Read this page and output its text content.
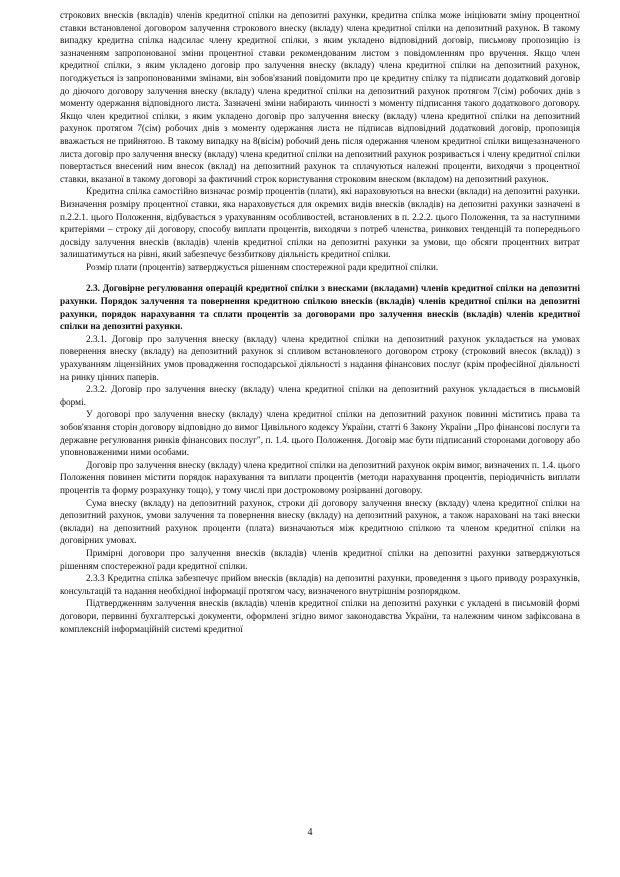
строкових внесків (вкладів) членів кредитної спілки на депозитні рахунки, кредитна спілка може ініціювати зміну процентної ставки встановленої договором залучення строкового внеску (вкладу) члена кредитної спілки на депозитний рахунок. В такому випадку кредитна спілка надсилає члену кредитної спілки, з яким укладено відповідний договір, письмову пропозицію із зазначенням запропонованої зміни процентної ставки рекомендованим листом з повідомленням про вручення. Якщо член кредитної спілки, з яким укладено договір про залучення внеску (вкладу) члена кредитної спілки на депозитний рахунок, погоджується із запропонованими змінами, він зобов'язаний повідомити про це кредитну спілку та підписати додатковий договір до діючого договору залучення внеску (вкладу) члена кредитної спілки на депозитний рахунок протягом 7(сім) робочих днів з моменту одержання відповідного листа. Зазначені зміни набирають чинності з моменту підписання такого додаткового договору. Якщо член кредитної спілки, з яким укладено договір про залучення внеску (вкладу) члена кредитної спілки на депозитний рахунок протягом 7(сім) робочих днів з моменту одержання листа не підписав відповідний додатковий договір, пропозиція вважається не прийнятою. В такому випадку на 8(вісім) робочий день після одержання членом кредитної спілки вищезазначеного листа договір про залучення внеску (вкладу) члена кредитної спілки на депозитний рахунок розривається і члену кредитної спілки повертається внесений ним внесок (вклад) на депозитний рахунок та сплачуються належні проценти, виходячи з процентної ставки, вказаної в такому договорі за фактичний строк користування строковим внеском (вкладом) на депозитний рахунок.

Кредитна спілка самостійно визначає розмір процентів (плати), які нараховуються на внески (вклади) на депозитні рахунки. Визначення розміру процентної ставки, яка нараховується для окремих видів внесків (вкладів) на депозитні рахунки зазначені в п.2.2.1. цього Положення, відбувається з урахуванням особливостей, встановлених в п. 2.2.2. цього Положення, та за наступними критеріями – строку дії договору, способу виплати процентів, виходячи з потреб членства, ринкових тенденцій та попереднього досвіду залучення внесків (вкладів) членів кредитної спілки на депозитні рахунки за умови, що обсяги процентних витрат залишатимуться на рівні, який забезпечує беззбиткову діяльність кредитної спілки.

Розмір плати (процентів) затверджується рішенням спостережної ради кредитної спілки.

2.3. Договірне регулювання операцій кредитної спілки з внесками (вкладами) членів кредитної спілки на депозитні рахунки. Порядок залучення та повернення кредитною спілкою внесків (вкладів) членів кредитної спілки на депозитні рахунки, порядок нарахування та сплати процентів за договорами про залучення внесків (вкладів) членів кредитної спілки на депозитні рахунки.

2.3.1. Договір про залучення внеску (вкладу) члена кредитної спілки на депозитний рахунок укладається на умовах повернення внеску (вкладу) на депозитний рахунок зі спливом встановленого договором строку (строковий внесок (вклад)) з урахуванням ліцензійних умов провадження господарської діяльності з надання фінансових послуг (крім професійної діяльності на ринку цінних паперів.

2.3.2. Договір про залучення внеску (вкладу) члена кредитної спілки на депозитний рахунок укладається в письмовій формі.

У договорі про залучення внеску (вкладу) члена кредитної спілки на депозитний рахунок повинні міститись права та зобов'язання сторін договору відповідно до вимог Цивільного кодексу України, статті 6 Закону України „Про фінансові послуги та державне регулювання ринків фінансових послуг", п. 1.4. цього Положення. Договір має бути підписаний сторонами договору або уповноваженими ними особами.

Договір про залучення внеску (вкладу) члена кредитної спілки на депозитний рахунок окрім вимог, визначених п. 1.4. цього Положення повинен містити порядок нарахування та виплати процентів (методи нарахування процентів, періодичність виплати процентів та форму розрахунку тощо), у тому числі при достроковому розірванні договору.

Сума внеску (вкладу) на депозитний рахунок, строки дії договору залучення внеску (вкладу) члена кредитної спілки на депозитний рахунок, умови залучення та повернення внеску (вкладу) на депозитний рахунок, а також нараховані на такі внески (вклади) на депозитний рахунок проценти (плата) визначаються між кредитною спілкою та членом кредитної спілки на договірних умовах.

Примірні договори про залучення внесків (вкладів) членів кредитної спілки на депозитні рахунки затверджуються рішенням спостережної ради кредитної спілки.

2.3.3 Кредитна спілка забезпечує прийом внесків (вкладів) на депозитні рахунки, проведення з цього приводу розрахунків, консультацій та надання необхідної інформації протягом часу, визначеного внутрішнім розпорядком.

Підтвердженням залучення внесків (вкладів) членів кредитної спілки на депозитні рахунки є укладені в письмовій формі договори, первинні бухгалтерські документи, оформлені згідно вимог законодавства України, та належним чином зафіксована в комплексній інформаційній системі кредитної

4
